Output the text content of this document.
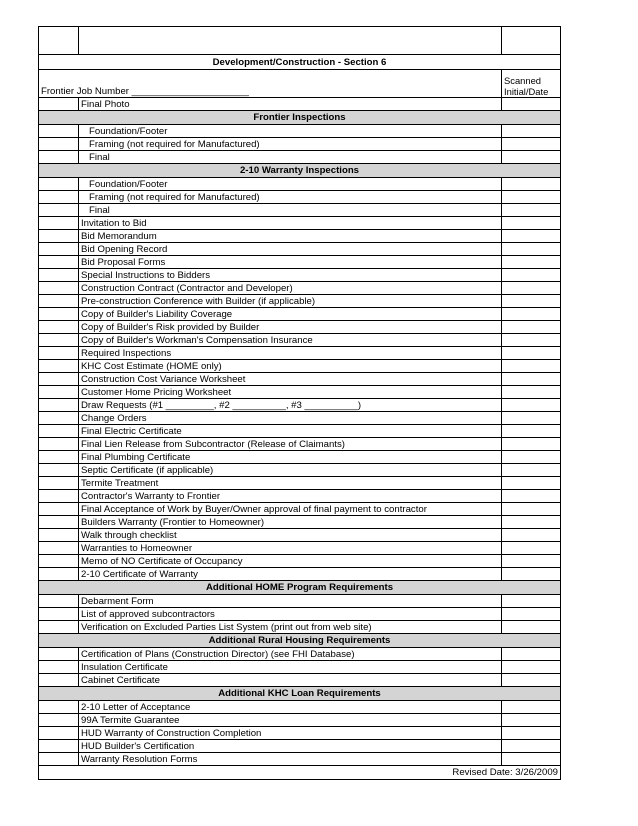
Development/Construction - Section 6		
Frontier Job Number ______________________		Scanned
Initial/Date

	Final Photo	
Frontier Inspections		
	Foundation/Footer	
	Framing (not required for Manufactured)	
	Final	
2-10 Warranty Inspections		
	Foundation/Footer	
	Framing (not required for Manufactured)	
	Final	
	Invitation to Bid	
	Bid Memorandum	
	Bid Opening Record	
	Bid Proposal Forms	
	Special Instructions to Bidders	
	Construction Contract (Contractor and Developer)	
	Pre-construction Conference with Builder (if applicable)	
	Copy of Builder's Liability Coverage	
	Copy of Builder's Risk provided by Builder	
	Copy of Builder's Workman's Compensation Insurance	
	Required Inspections	
	KHC Cost Estimate (HOME only)	
	Construction Cost Variance Worksheet	
	Customer Home Pricing Worksheet	
	Draw Requests (#1 _________, #2 __________, #3 __________)	
	Change Orders	
	Final Electric Certificate	
	Final Lien Release from Subcontractor (Release of Claimants)	
	Final Plumbing Certificate	
	Septic Certificate (if applicable)	
	Termite Treatment	
	Contractor's Warranty to Frontier	
	Final Acceptance of Work by Buyer/Owner approval of final payment to contractor	
	Builders Warranty (Frontier to Homeowner)	
	Walk through checklist	
	Warranties to Homeowner	
	Memo of NO Certificate of Occupancy	
	2-10 Certificate of Warranty	
Additional HOME Program Requirements		
	Debarment Form	
	List of approved subcontractors	
	Verification on Excluded Parties List System (print out from web site)	
Additional Rural Housing Requirements		
	Certification of Plans (Construction Director) (see FHI Database)	
	Insulation Certificate	
	Cabinet Certificate	
Additional KHC Loan Requirements		
	2-10 Letter of Acceptance	
	99A Termite Guarantee	
	HUD Warranty of Construction Completion	
	HUD Builder's Certification	
	Warranty Resolution Forms	
Revised Date: 3/26/2009		
